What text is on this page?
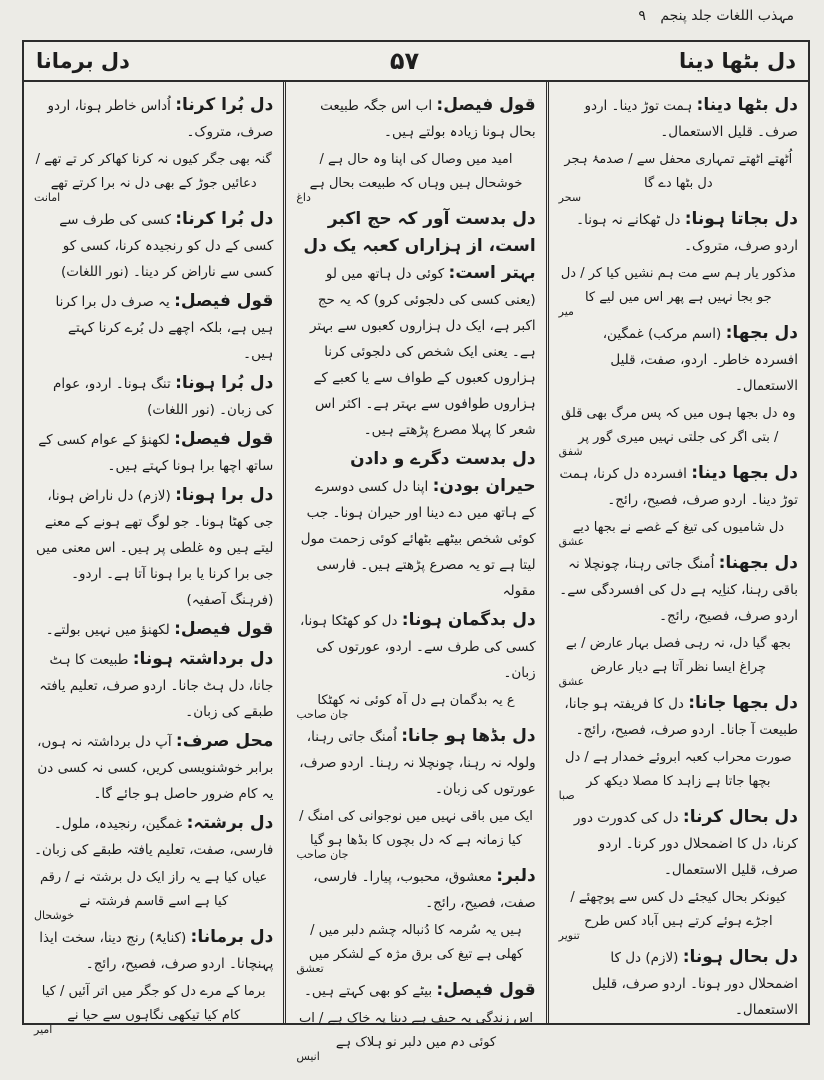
مہذب اللغات جلد پنجم ۹
دل برمانا	۵۷	دل بٹھا دینا
دل بٹھا دینا: ہمت توڑ دینا۔ اردو صرف۔ قلیل الاستعمال۔
اُٹھتے اٹھتے تمہاری محفل سے / صدمۂ ہجر دل بٹھا دے گا
سحر
دل بجاتا ہونا: دل ٹھکانے نہ ہونا۔ اردو صرف، متروک۔
مذکور یار ہم سے مت ہم نشیں کیا کر / دل جو بجا نہیں ہے پھر اس میں لیے کا
میر
دل بجھا: (اسم مرکب) غمگین، افسردہ خاطر۔ اردو، صفت، قلیل الاستعمال۔
وہ دل بجھا ہوں میں کہ پس مرگ بھی قلق / بتی اگر کی جلتی نہیں میری گور پر
شفق
دل بجھا دینا: افسردہ دل کرنا، ہمت توڑ دینا۔ اردو صرف، فصیح، رائج۔
دل شامیوں کی تیغ کے غصے نے بجھا دیے
عشق
دل بجھنا: اُمنگ جاتی رہنا، چونچلا نہ باقی رہنا، کناِیہ ہے دل کی افسردگی سے۔ اردو صرف، فصیح، رائج۔
بجھ گیا دل، نہ رہی فصل بہار عارض / بے چراغ ایسا نظر آتا ہے دیار عارض
عشق
دل بجھا جانا: دل کا فریفتہ ہو جانا، طبیعت آ جانا۔ اردو صرف، فصیح، رائج۔
صورت محراب کعبہ ابروئے خمدار ہے / دل بچھا جاتا ہے زاہد کا مصلا دیکھ کر
صبا
دل بحال کرنا: دل کی کدورت دور کرنا، دل کا اضمحلال دور کرنا۔ اردو صرف، قلیل الاستعمال۔
کیونکر بحال کیجئے دل کس سے پوچھئے / اجڑے ہوئے کرتے ہیں آباد کس طرح
تنویر
دل بحال ہونا: (لازم) دل کا اضمحلال دور ہونا۔ اردو صرف، قلیل الاستعمال۔
قول فیصل: اب اس جگہ طبیعت بحال ہونا زیادہ بولتے ہیں۔
امید میں وصال کی اپنا وہ حال ہے / خوشحال ہیں وہاں کہ طبیعت بحال ہے
داغ
دل بدست آور کہ حج اکبر است، از ہزاراں کعبہ یک دل بہتر است: کوئی دل ہاتھ میں لو (یعنی کسی کی دلجوئی کرو) کہ یہ حج اکبر ہے، ایک دل ہزاروں کعبوں سے بہتر ہے۔ یعنی ایک شخص کی دلجوئی کرنا ہزاروں کعبوں کے طواف سے یا کعبے کے ہزاروں طوافوں سے بہتر ہے۔ اکثر اس شعر کا پہلا مصرع پڑھتے ہیں۔
دل بدست دگرے و دادن حیران بودن: اپنا دل کسی دوسرے کے ہاتھ میں دے دینا اور حیران ہونا۔ جب کوئی شخص بیٹھے بٹھائے کوئی زحمت مول لیتا ہے تو یہ مصرع پڑھتے ہیں۔ فارسی مقولہ
دل بدگمان ہونا: دل کو کھٹکا ہونا، کسی کی طرف سے۔ اردو، عورتوں کی زبان۔
ع یہ بدگمان ہے دل آہ کوئی نہ کھٹکا
جان صاحب
دل بڈھا ہو جانا: اُمنگ جاتی رہنا، ولولہ نہ رہنا، چونچلا نہ رہنا۔ اردو صرف، عورتوں کی زبان۔
ایک میں باقی نہیں میں نوجوانی کی امنگ / کیا زمانہ ہے کہ دل بچوں کا بڈھا ہو گیا
جان صاحب
دلبر: معشوق، محبوب، پیارا۔ فارسی، صفت، فصیح، رائج۔
ہیں یہ سُرمہ کا دُنبالہ چشم دلبر میں / کھلی ہے تیغ کی برق مژہ کے لشکر میں
تعشق
قول فیصل: بیٹے کو بھی کہتے ہیں۔
اس زندگی پہ حیف ہے دینا پہ خاک ہے / اب کوئی دم میں دلبر نو ہلاک ہے
انیس
دل بُرا کرنا: اُداس خاطر ہونا، اردو صرف، متروک۔
گنہ بھی جگر کیوں نہ کرنا کھاکر کر تے تھے / دعائیں جوڑ کے بھی دل نہ برا کرتے تھے
امانت
دل بُرا کرنا: کسی کی طرف سے کسی کے دل کو رنجیدہ کرنا، کسی کو کسی سے ناراض کر دینا۔ (نور اللغات)
قول فیصل: یہ صرف دل برا کرنا ہیں ہے، بلکہ اچھے دل بُرے کرنا کہتے ہیں۔
دل بُرا ہونا: تنگ ہونا۔ اردو، عوام کی زبان۔ (نور اللغات)
قول فیصل: لکھنؤ کے عوام کسی کے ساتھ اچھا برا ہونا کہتے ہیں۔
دل برا ہونا: (لازم) دل ناراض ہونا، جی کھٹا ہونا۔ جو لوگ تھے ہونے کے معنے لیتے ہیں وہ غلطی پر ہیں۔ اس معنی میں جی برا کرنا یا برا ہونا آتا ہے۔ اردو۔ (فرہنگ آصفیہ)
قول فیصل: لکھنؤ میں نہیں بولتے۔
دل برداشتہ ہونا: طبیعت کا ہٹ جانا، دل ہٹ جانا۔ اردو صرف، تعلیم یافتہ طبقے کی زبان۔
محل صرف: آپ دل برداشتہ نہ ہوں، برابر خوشنویسی کریں، کسی نہ کسی دن یہ کام ضرور حاصل ہو جائے گا۔
دل برشتہ: غمگین، رنجیدہ، ملول۔ فارسی، صفت، تعلیم یافتہ طبقے کی زبان۔
عیاں کیا ہے یہ راز ایک دل برشتہ نے / رقم کیا ہے اسے قاسم فرشتہ نے
خوشحال
دل برمانا: (کنایۃً) رنج دینا، سخت ایذا پہنچانا۔ اردو صرف، فصیح، رائج۔
برما کے مرے دل کو جگر میں اتر آئیں / کیا کام کیا تیکھی نگاہوں سے حیا نے
امیر
